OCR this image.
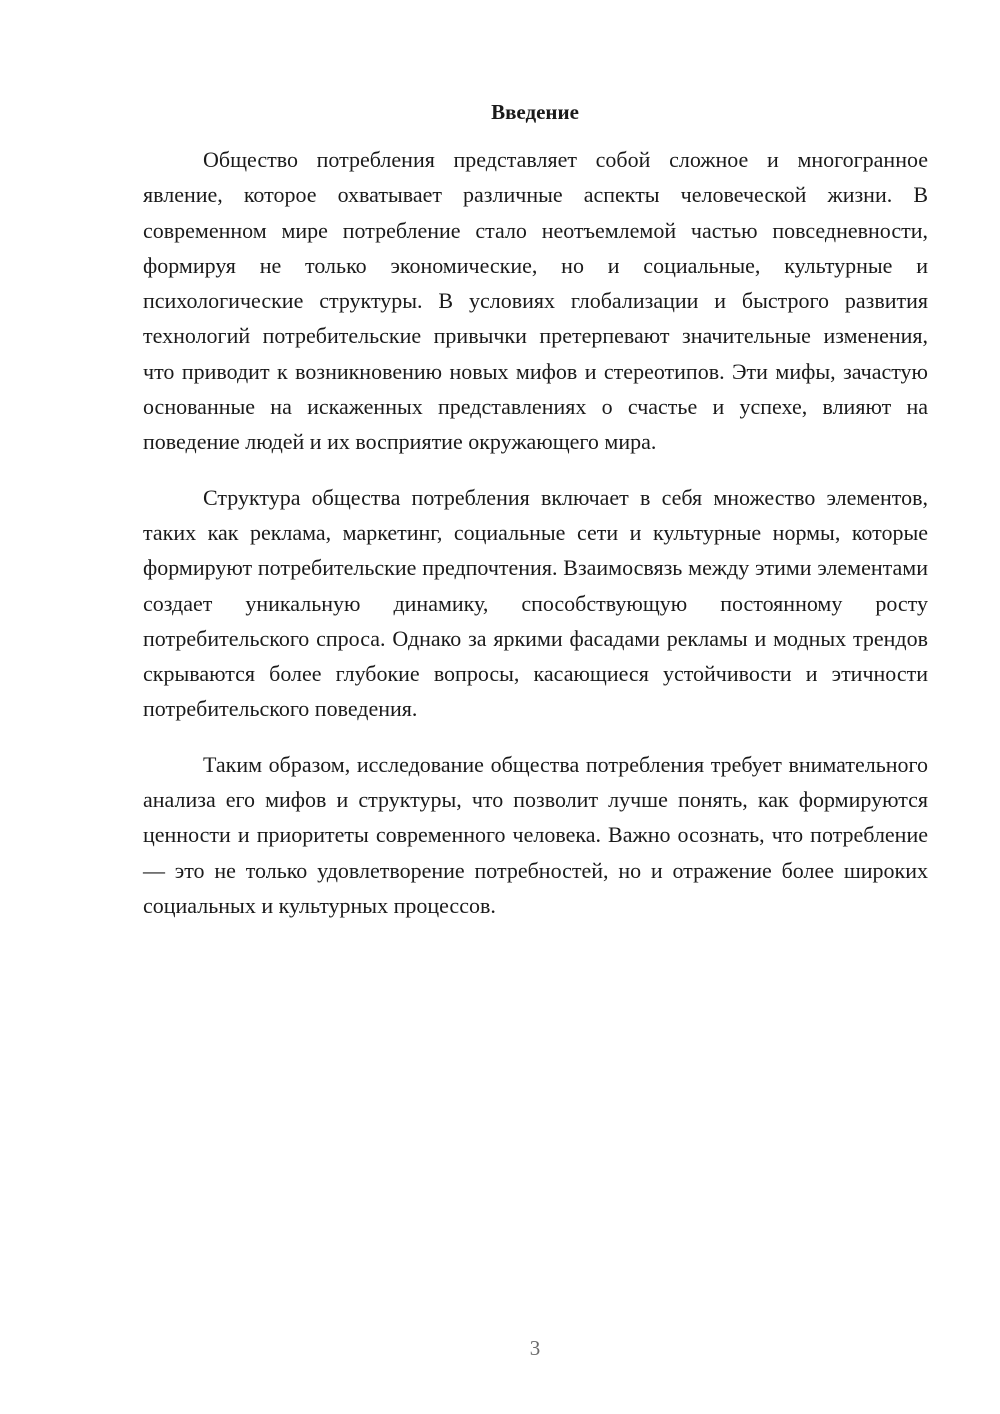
Введение

Общество потребления представляет собой сложное и многогранное явление, которое охватывает различные аспекты человеческой жизни. В современном мире потребление стало неотъемлемой частью повседневности, формируя не только экономические, но и социальные, культурные и психологические структуры. В условиях глобализации и быстрого развития технологий потребительские привычки претерпевают значительные изменения, что приводит к возникновению новых мифов и стереотипов. Эти мифы, зачастую основанные на искаженных представлениях о счастье и успехе, влияют на поведение людей и их восприятие окружающего мира.

Структура общества потребления включает в себя множество элементов, таких как реклама, маркетинг, социальные сети и культурные нормы, которые формируют потребительские предпочтения. Взаимосвязь между этими элементами создает уникальную динамику, способствующую постоянному росту потребительского спроса. Однако за яркими фасадами рекламы и модных трендов скрываются более глубокие вопросы, касающиеся устойчивости и этичности потребительского поведения.

Таким образом, исследование общества потребления требует внимательного анализа его мифов и структуры, что позволит лучше понять, как формируются ценности и приоритеты современного человека. Важно осознать, что потребление — это не только удовлетворение потребностей, но и отражение более широких социальных и культурных процессов.

3
